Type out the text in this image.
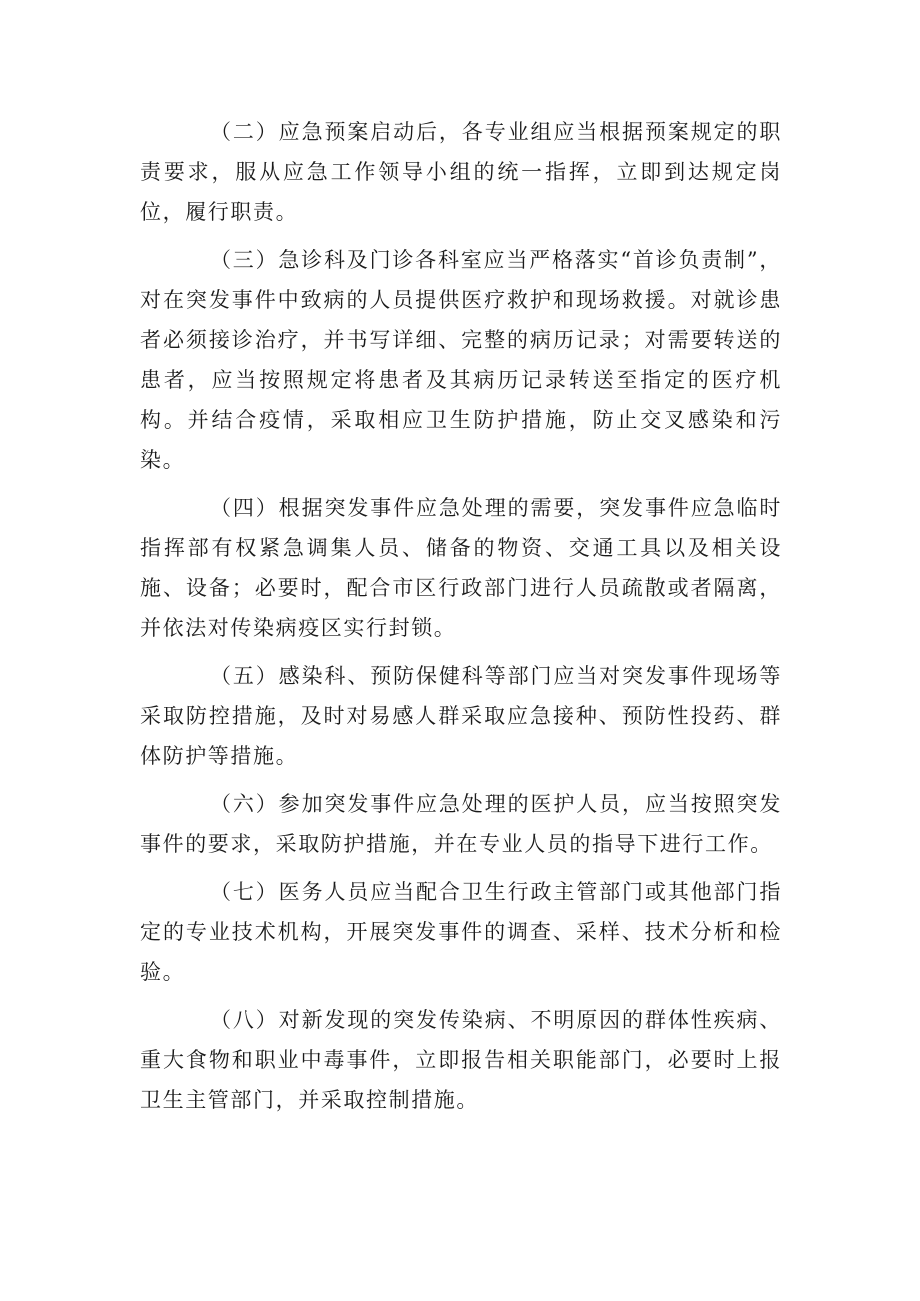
（二）应急预案启动后，各专业组应当根据预案规定的职责要求，服从应急工作领导小组的统一指挥，立即到达规定岗位，履行职责。

（三）急诊科及门诊各科室应当严格落实“首诊负责制”，对在突发事件中致病的人员提供医疗救护和现场救援。对就诊患者必须接诊治疗，并书写详细、完整的病历记录；对需要转送的患者，应当按照规定将患者及其病历记录转送至指定的医疗机构。并结合疫情，采取相应卫生防护措施，防止交叉感染和污染。

（四）根据突发事件应急处理的需要，突发事件应急临时指挥部有权紧急调集人员、储备的物资、交通工具以及相关设施、设备；必要时，配合市区行政部门进行人员疏散或者隔离，并依法对传染病疫区实行封锁。

（五）感染科、预防保健科等部门应当对突发事件现场等采取防控措施，及时对易感人群采取应急接种、预防性投药、群体防护等措施。

（六）参加突发事件应急处理的医护人员，应当按照突发事件的要求，采取防护措施，并在专业人员的指导下进行工作。

（七）医务人员应当配合卫生行政主管部门或其他部门指定的专业技术机构，开展突发事件的调查、采样、技术分析和检验。

（八）对新发现的突发传染病、不明原因的群体性疾病、重大食物和职业中毒事件，立即报告相关职能部门，必要时上报卫生主管部门，并采取控制措施。
